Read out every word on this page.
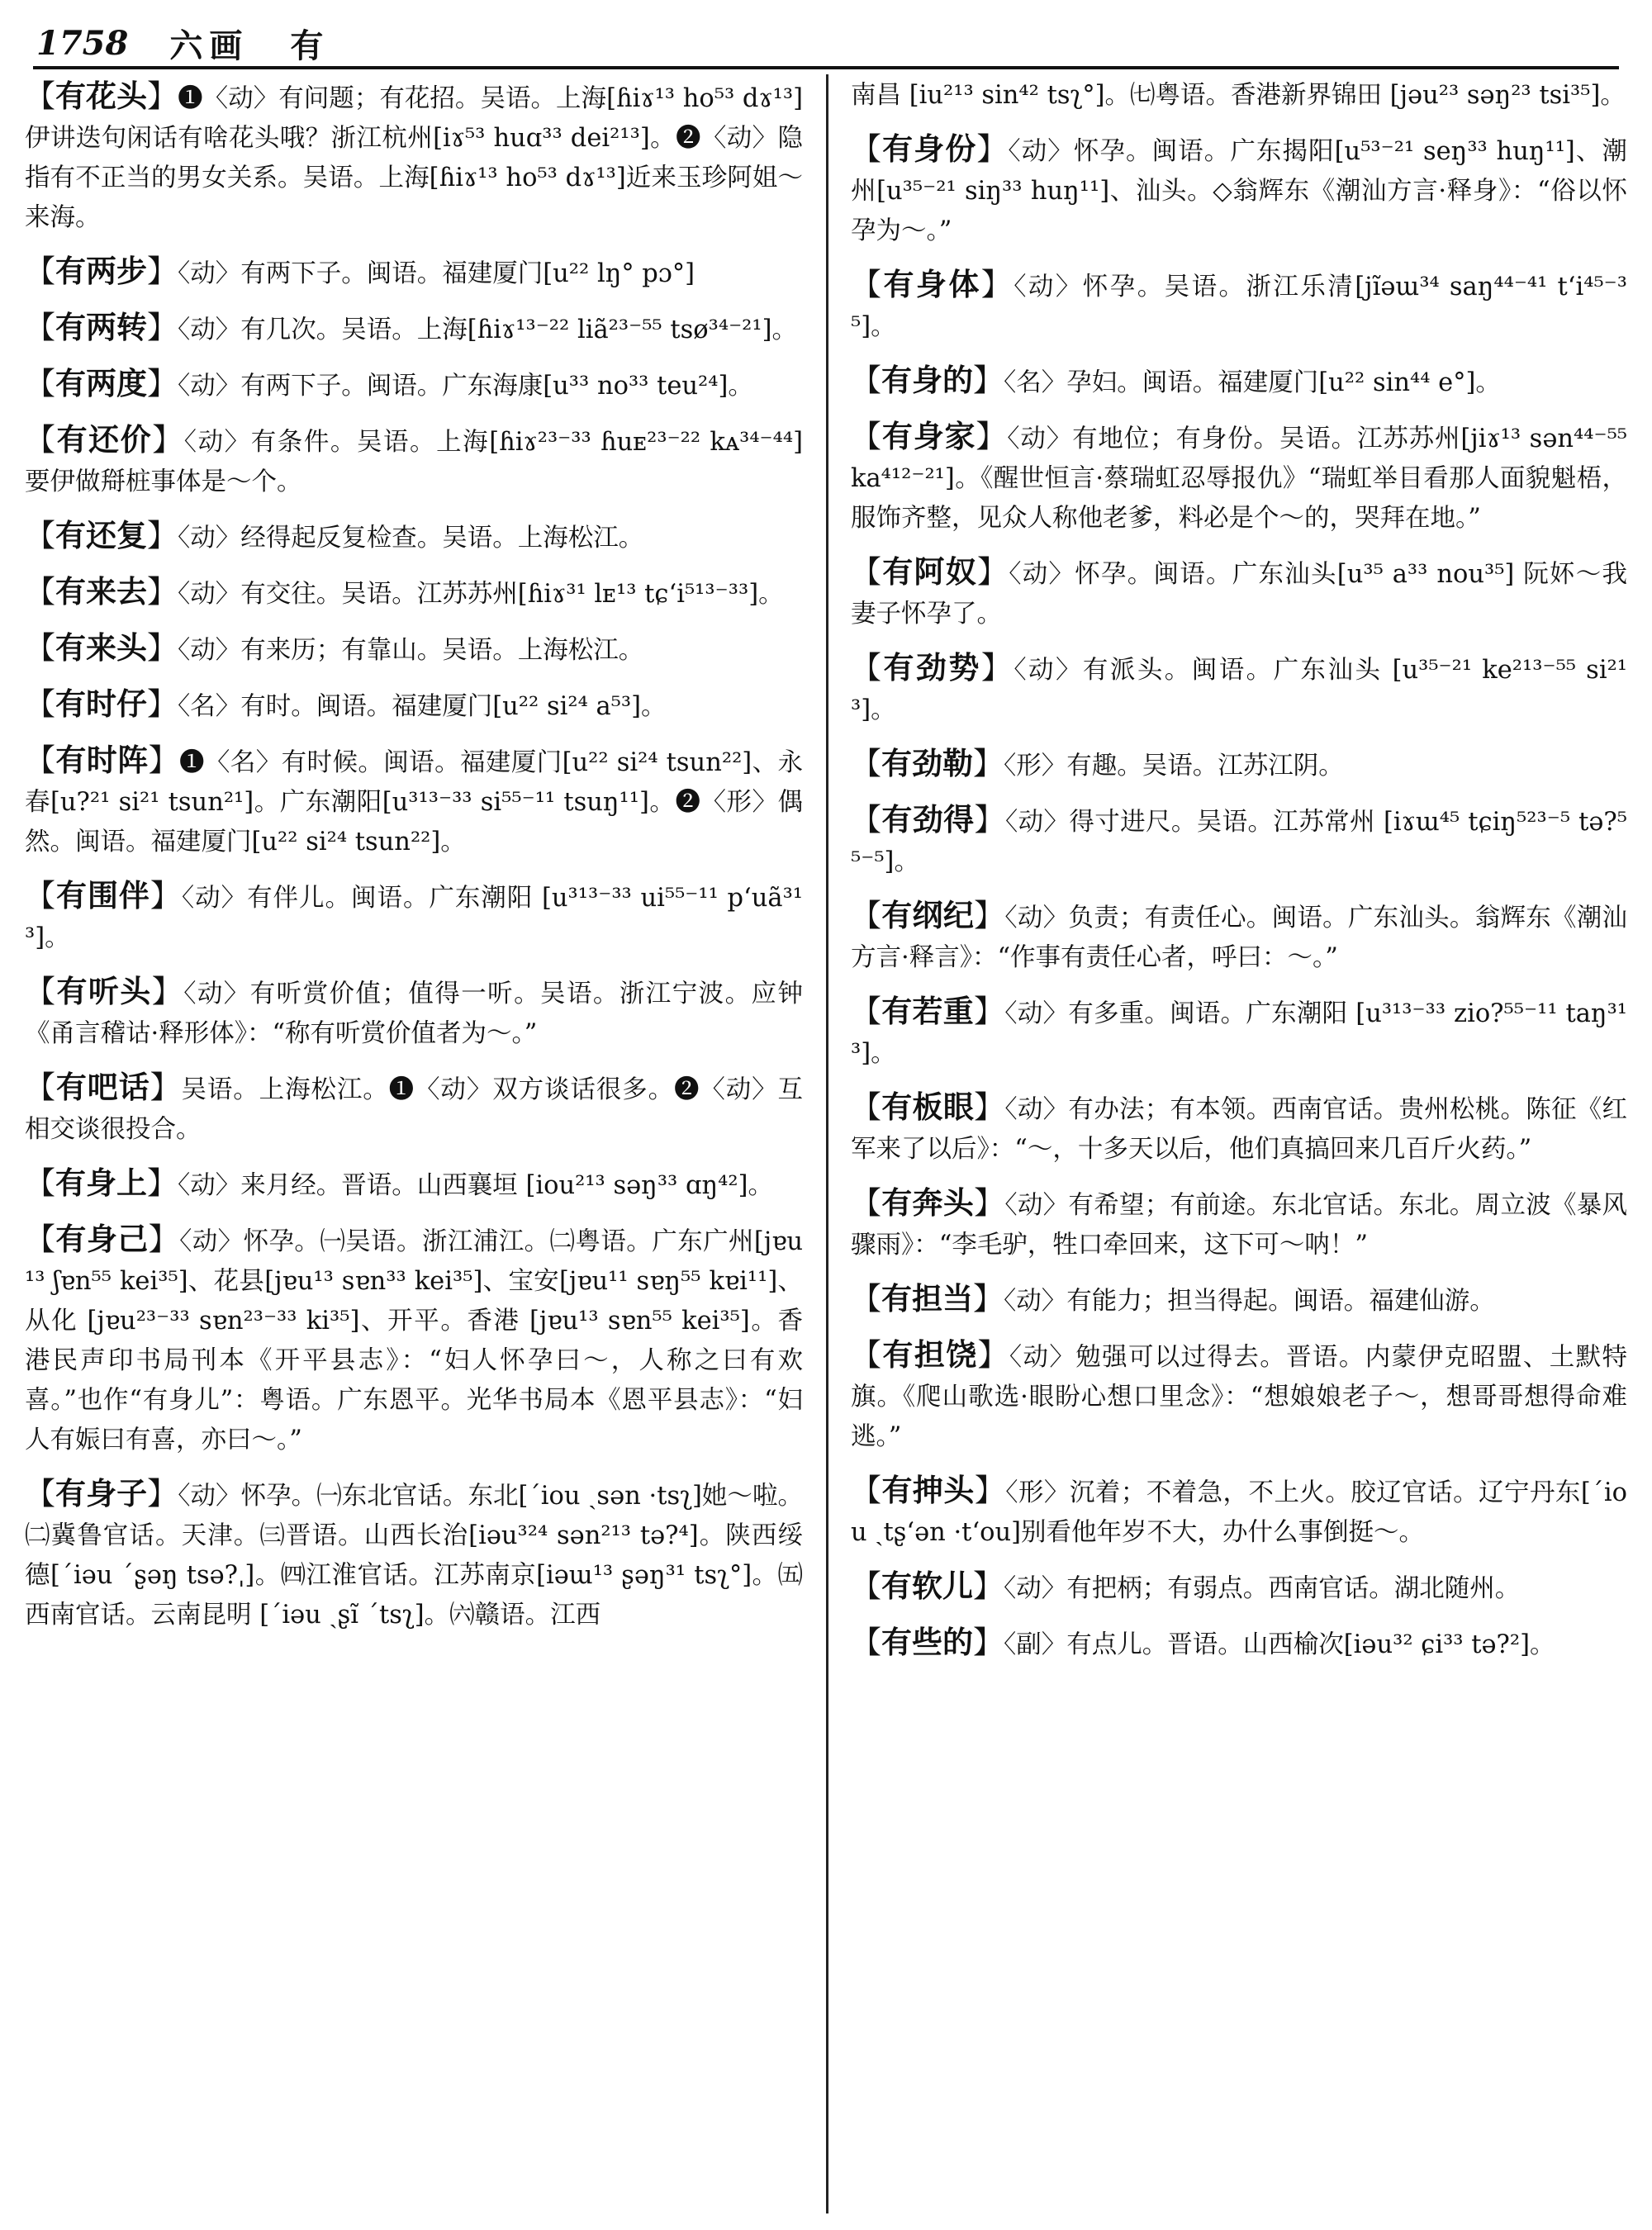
1758 六画 有
【有花头】❶〈动〉有问题；有花招。吴语。上海[ɦiɤ¹³ ho⁵³ dɤ¹³]伊讲迭句闲话有啥花头哦？浙江杭州[iɤ⁵³ huɑ³³ dei²¹³]。❷〈动〉隐指有不正当的男女关系。吴语。上海[ɦiɤ¹³ ho⁵³ dɤ¹³]近来玉珍阿姐～来海。
【有两步】〈动〉有两下子。闽语。福建厦门[u²² lŋ° pɔ°]
【有两转】〈动〉有几次。吴语。上海[ɦiɤ¹³⁻²² liã²³⁻⁵⁵ tsø³⁴⁻²¹]。
【有两度】〈动〉有两下子。闽语。广东海康[u³³ no³³ teu²⁴]。
【有还价】〈动〉有条件。吴语。上海[ɦiɤ²³⁻³³ ɦuᴇ²³⁻²² kᴀ³⁴⁻⁴⁴]要伊做搿桩事体是～个。
【有还复】〈动〉经得起反复检查。吴语。上海松江。
【有来去】〈动〉有交往。吴语。江苏苏州[ɦiɤ³¹ lᴇ¹³ tɕʻi⁵¹³⁻³³]。
【有来头】〈动〉有来历；有靠山。吴语。上海松江。
【有时仔】〈名〉有时。闽语。福建厦门[u²² si²⁴ a⁵³]。
【有时阵】❶〈名〉有时候。闽语。福建厦门[u²² si²⁴ tsun²²]、永春[u?²¹ si²¹ tsun²¹]。广东潮阳[u³¹³⁻³³ si⁵⁵⁻¹¹ tsuŋ¹¹]。❷〈形〉偶然。闽语。福建厦门[u²² si²⁴ tsun²²]。
【有围伴】〈动〉有伴儿。闽语。广东潮阳 [u³¹³⁻³³ ui⁵⁵⁻¹¹ pʻuã³¹³]。
【有听头】〈动〉有听赏价值；值得一听。吴语。浙江宁波。应钟《甬言稽诂·释形体》：“称有听赏价值者为～。”
【有吧话】吴语。上海松江。❶〈动〉双方谈话很多。❷〈动〉互相交谈很投合。
【有身上】〈动〉来月经。晋语。山西襄垣 [iou²¹³ səŋ³³ ɑŋ⁴²]。
【有身己】〈动〉怀孕。㈠吴语。浙江浦江。㈡粤语。广东广州[jɐu¹³ ʃɐn⁵⁵ kei³⁵]、花县[jɐu¹³ sɐn³³ kei³⁵]、宝安[jɐu¹¹ sɐŋ⁵⁵ kɐi¹¹]、从化 [jɐu²³⁻³³ sɐn²³⁻³³ ki³⁵]、开平。香港 [jɐu¹³ sɐn⁵⁵ kei³⁵]。香港民声印书局刊本《开平县志》：“妇人怀孕曰～，人称之曰有欢喜。”也作“有身儿”：粤语。广东恩平。光华书局本《恩平县志》：“妇人有娠曰有喜，亦曰～。”
【有身子】〈动〉怀孕。㈠东北官话。东北[ˊiou ˏsən ·tsʅ]她～啦。㈡冀鲁官话。天津。㈢晋语。山西长治[iəu³²⁴ sən²¹³ tə?⁴]。陕西绥德[ˊiəu ˊʂəŋ tsə?ˌ]。㈣江淮官话。江苏南京[iəɯ¹³ ʂəŋ³¹ tsʅ°]。㈤西南官话。云南昆明 [ˊiəu ˏʂĩ ˊtsʅ]。㈥赣语。江西
南昌 [iu²¹³ sin⁴² tsʅ°]。㈦粤语。香港新界锦田 [jəu²³ səŋ²³ tsi³⁵]。
【有身份】〈动〉怀孕。闽语。广东揭阳[u⁵³⁻²¹ seŋ³³ huŋ¹¹]、潮州[u³⁵⁻²¹ siŋ³³ huŋ¹¹]、汕头。◇翁辉东《潮汕方言·释身》：“俗以怀孕为～。”
【有身体】〈动〉怀孕。吴语。浙江乐清[jĩəɯ³⁴ saŋ⁴⁴⁻⁴¹ tʻi⁴⁵⁻³⁵]。
【有身的】〈名〉孕妇。闽语。福建厦门[u²² sin⁴⁴ e°]。
【有身家】〈动〉有地位；有身份。吴语。江苏苏州[jiɤ¹³ sən⁴⁴⁻⁵⁵ ka⁴¹²⁻²¹]。《醒世恒言·蔡瑞虹忍辱报仇》“瑞虹举目看那人面貌魁梧，服饰齐整，见众人称他老爹，料必是个～的，哭拜在地。”
【有阿奴】〈动〉怀孕。闽语。广东汕头[u³⁵ a³³ nou³⁵] 阮妚～我妻子怀孕了。
【有劲势】〈动〉有派头。闽语。广东汕头 [u³⁵⁻²¹ ke²¹³⁻⁵⁵ si²¹³]。
【有劲勒】〈形〉有趣。吴语。江苏江阴。
【有劲得】〈动〉得寸进尺。吴语。江苏常州 [iɤɯ⁴⁵ tɕiŋ⁵²³⁻⁵ tə?⁵⁵⁻⁵]。
【有纲纪】〈动〉负责；有责任心。闽语。广东汕头。翁辉东《潮汕方言·释言》：“作事有责任心者，呼曰：～。”
【有若重】〈动〉有多重。闽语。广东潮阳 [u³¹³⁻³³ zio?⁵⁵⁻¹¹ taŋ³¹³]。
【有板眼】〈动〉有办法；有本领。西南官话。贵州松桃。陈征《红军来了以后》：“～，十多天以后，他们真搞回来几百斤火药。”
【有奔头】〈动〉有希望；有前途。东北官话。东北。周立波《暴风骤雨》：“李毛驴，牲口牵回来，这下可～呐！”
【有担当】〈动〉有能力；担当得起。闽语。福建仙游。
【有担饶】〈动〉勉强可以过得去。晋语。内蒙伊克昭盟、土默特旗。《爬山歌选·眼盼心想口里念》：“想娘娘老子～，想哥哥想得命难逃。”
【有抻头】〈形〉沉着；不着急，不上火。胶辽官话。辽宁丹东[ˊiou ˏtʂʻən ·tʻou]别看他年岁不大，办什么事倒挺～。
【有软儿】〈动〉有把柄；有弱点。西南官话。湖北随州。
【有些的】〈副〉有点儿。晋语。山西榆次[iəu³² ɕi³³ tə?²]。
